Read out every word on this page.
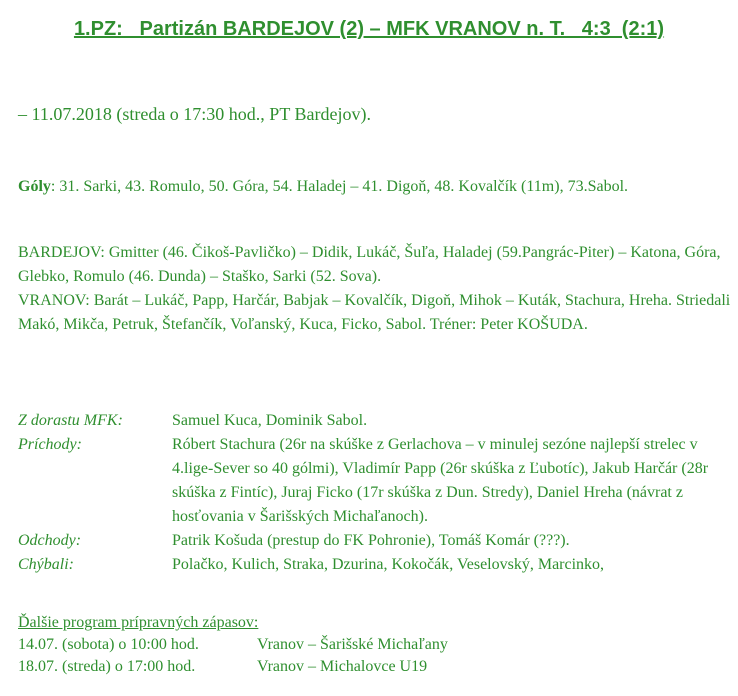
1.PZ:   Partizán BARDEJOV (2) – MFK VRANOV n. T.   4:3  (2:1)
– 11.07.2018 (streda o 17:30 hod., PT Bardejov).
Góly: 31. Sarki, 43. Romulo, 50. Góra, 54. Haladej – 41. Digoň, 48. Kovalčík (11m), 73.Sabol.

BARDEJOV: Gmitter (46. Čikoš-Pavličko) – Didik, Lukáč, Šuľa, Haladej (59.Pangrác-Piter) – Katona, Góra, Glebko, Romulo (46. Dunda) – Staško, Sarki (52. Sova).

VRANOV: Barát – Lukáč, Papp, Harčár, Babjak – Kovalčík, Digoň, Mihok – Kuták, Stachura, Hreha. Striedali Makó, Mikča, Petruk, Štefančík, Voľanský, Kuca, Ficko, Sabol. Tréner: Peter KOŠUDA.

Z dorastu MFK:	Samuel Kuca, Dominik Sabol.
Príchody:	Róbert Stachura (26r na skúške z Gerlachova – v minulej sezóne najlepší strelec v 4.lige-Sever so 40 gólmi), Vladimír Papp (26r skúška z Ľubotíc), Jakub Harčár (28r skúška z Fintíc), Juraj Ficko (17r skúška z Dun. Stredy), Daniel Hreha (návrat z hosťovania v Šarišských Michaľanoch).
Odchody:	Patrik Košuda (prestup do FK Pohronie), Tomáš Komár (???).
Chýbali:	Polačko, Kulich, Straka, Dzurina, Kokočák, Veselovský, Marcinko,
Ďalšie program prípravných zápasov:
14.07. (sobota) o 10:00 hod.	Vranov – Šarišské Michaľany
18.07. (streda) o 17:00 hod.	Vranov – Michalovce U19
